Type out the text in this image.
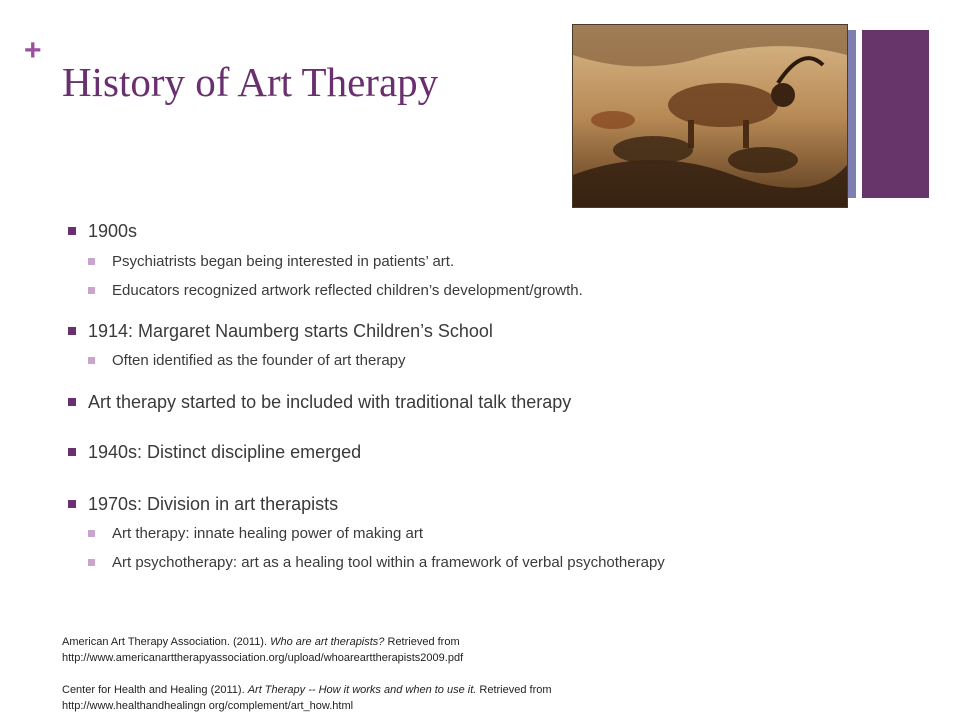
+
History of Art Therapy

1900s

Psychiatrists began being interested in patients’ art.
Educators recognized artwork reflected children’s development/growth.

1914: Margaret Naumberg starts Children’s School

Often identified as the founder of art therapy

Art therapy started to be included with traditional talk therapy

1940s: Distinct discipline emerged

1970s: Division in art therapists

Art therapy: innate healing power of making art
Art psychotherapy: art as a healing tool within a framework of verbal psychotherapy

American Art Therapy Association. (2011). Who are art therapists? Retrieved from

http://www.americanarttherapyassociation.org/upload/whoarearttherapists2009.pdf

Center for Health and Healing (2011). Art Therapy -- How it works and when to use it. Retrieved from

http://www.healthandhealingn org/complement/art_how.html
